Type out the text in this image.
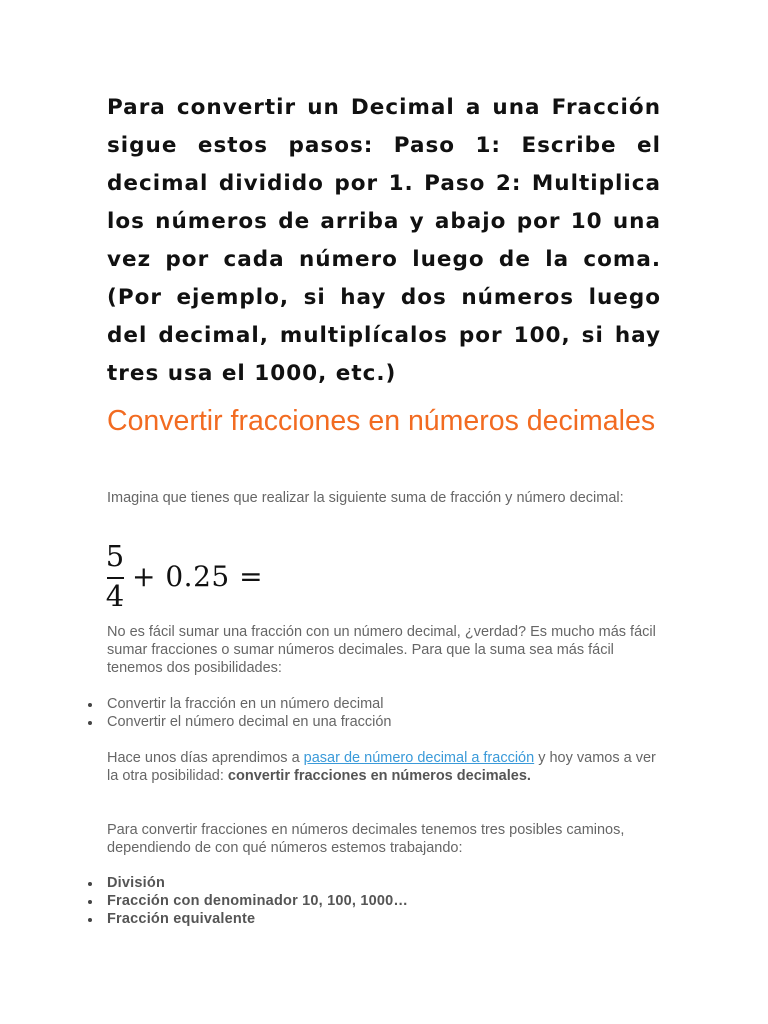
Para convertir un Decimal a una Fracción sigue estos pasos: Paso 1: Escribe el decimal dividido por 1. Paso 2: Multiplica los números de arriba y abajo por 10 una vez por cada número luego de la coma. (Por ejemplo, si hay dos números luego del decimal, multiplícalos por 100, si hay tres usa el 1000, etc.)

Convertir fracciones en números decimales

Imagina que tienes que realizar la siguiente suma de fracción y número decimal:

5
4
+ 0.25 =

No es fácil sumar una fracción con un número decimal, ¿verdad? Es mucho más fácil sumar fracciones o sumar números decimales. Para que la suma sea más fácil tenemos dos posibilidades:

Convertir la fracción en un número decimal
Convertir el número decimal en una fracción

Hace unos días aprendimos a pasar de número decimal a fracción y hoy vamos a ver la otra posibilidad: convertir fracciones en números decimales.

Para convertir fracciones en números decimales tenemos tres posibles caminos, dependiendo de con qué números estemos trabajando:

División
Fracción con denominador 10, 100, 1000…
Fracción equivalente
